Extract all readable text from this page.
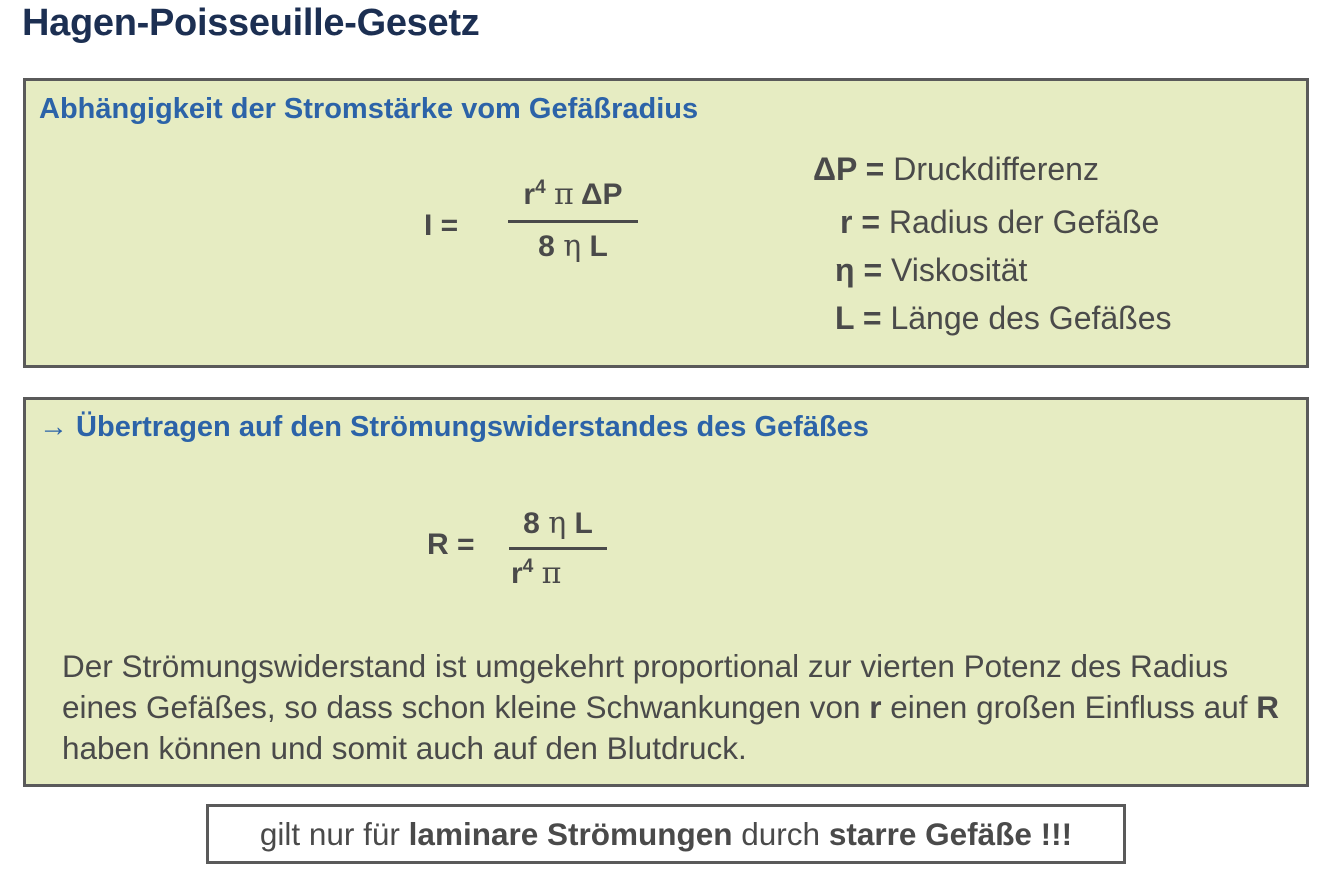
Hagen-Poisseuille-Gesetz
Abhängigkeit der Stromstärke vom Gefäßradius
I =
$r^4$ π ΔP
8 η L
ΔP = Druckdifferenz
r = Radius der Gefäße
η = Viskosität
L = Länge des Gefäßes
→ Übertragen auf den Strömungswiderstandes des Gefäßes
R =
8 η L
$r^4$ π
Der Strömungswiderstand ist umgekehrt proportional zur vierten Potenz des Radius eines Gefäßes, so dass schon kleine Schwankungen von r einen großen Einfluss auf R haben können und somit auch auf den Blutdruck.
gilt nur für laminare Strömungen durch starre Gefäße !!!
